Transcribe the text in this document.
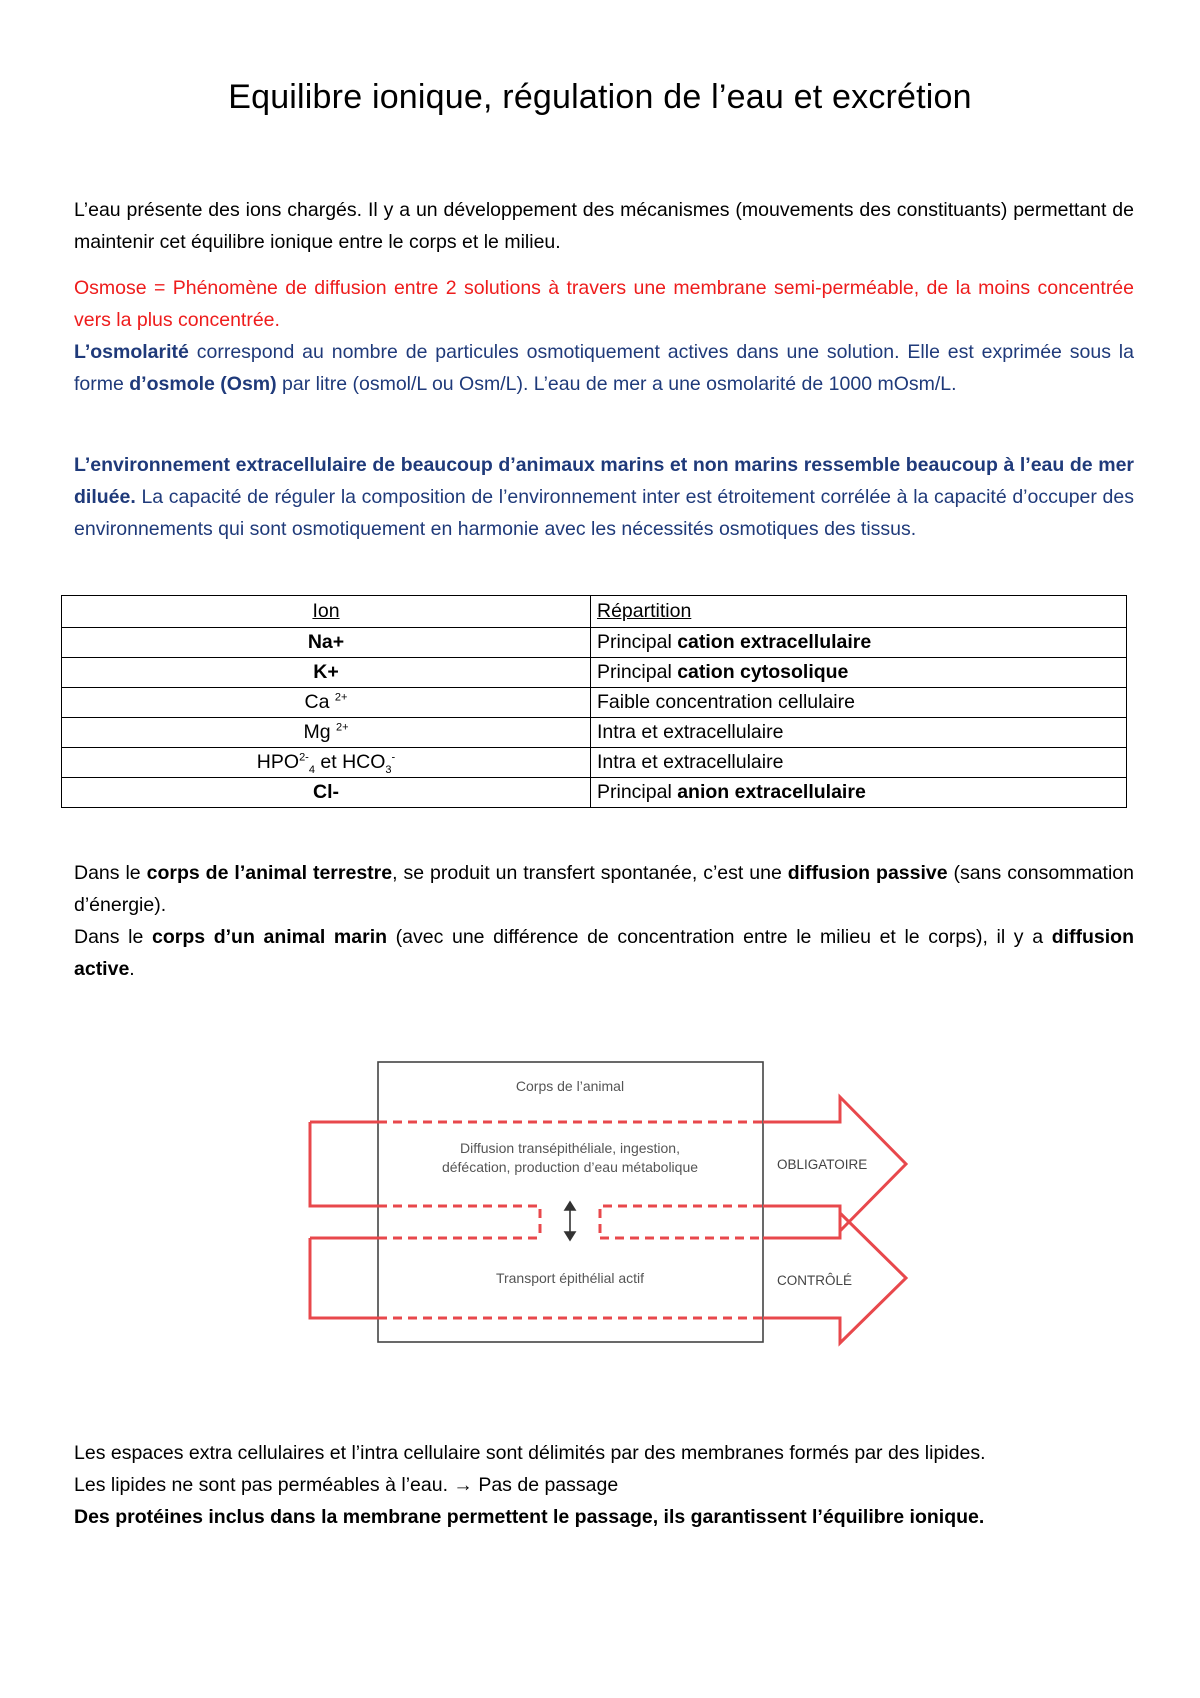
Equilibre ionique, régulation de l’eau et excrétion

L’eau présente des ions chargés. Il y a un développement des mécanismes (mouvements des constituants) permettant de maintenir cet équilibre ionique entre le corps et le milieu.

Osmose = Phénomène de diffusion entre 2 solutions à travers une membrane semi-perméable, de la moins concentrée vers la plus concentrée.

L’osmolarité correspond au nombre de particules osmotiquement actives dans une solution. Elle est exprimée sous la forme d’osmole (Osm) par litre (osmol/L ou Osm/L). L’eau de mer a une osmolarité de 1000 mOsm/L.

L’environnement extracellulaire de beaucoup d’animaux marins et non marins ressemble beaucoup à l’eau de mer diluée. La capacité de réguler la composition de l’environnement inter est étroitement corrélée à la capacité d’occuper des environnements qui sont osmotiquement en harmonie avec les nécessités osmotiques des tissus.

Ion	Répartition
Na+	Principal cation extracellulaire
K+	Principal cation cytosolique
Ca $^{2+}$	Faible concentration cellulaire
Mg $^{2+}$	Intra et extracellulaire
$HPO^{2-}_4$ et $HCO_3^-$	Intra et extracellulaire
Cl-	Principal anion extracellulaire

Dans le corps de l’animal terrestre, se produit un transfert spontanée, c’est une diffusion passive (sans consommation d’énergie).

Dans le corps d’un animal marin (avec une différence de concentration entre le milieu et le corps), il y a diffusion active.

Corps de l’animal
Diffusion transépithéliale, ingestion,
défécation, production d’eau métabolique	OBLIGATOIRE
Transport épithélial actif	CONTRÔLÉ

Les espaces extra cellulaires et l’intra cellulaire sont délimités par des membranes formés par des lipides.

Les lipides ne sont pas perméables à l’eau. → Pas de passage

Des protéines inclus dans la membrane permettent le passage, ils garantissent l’équilibre ionique.
